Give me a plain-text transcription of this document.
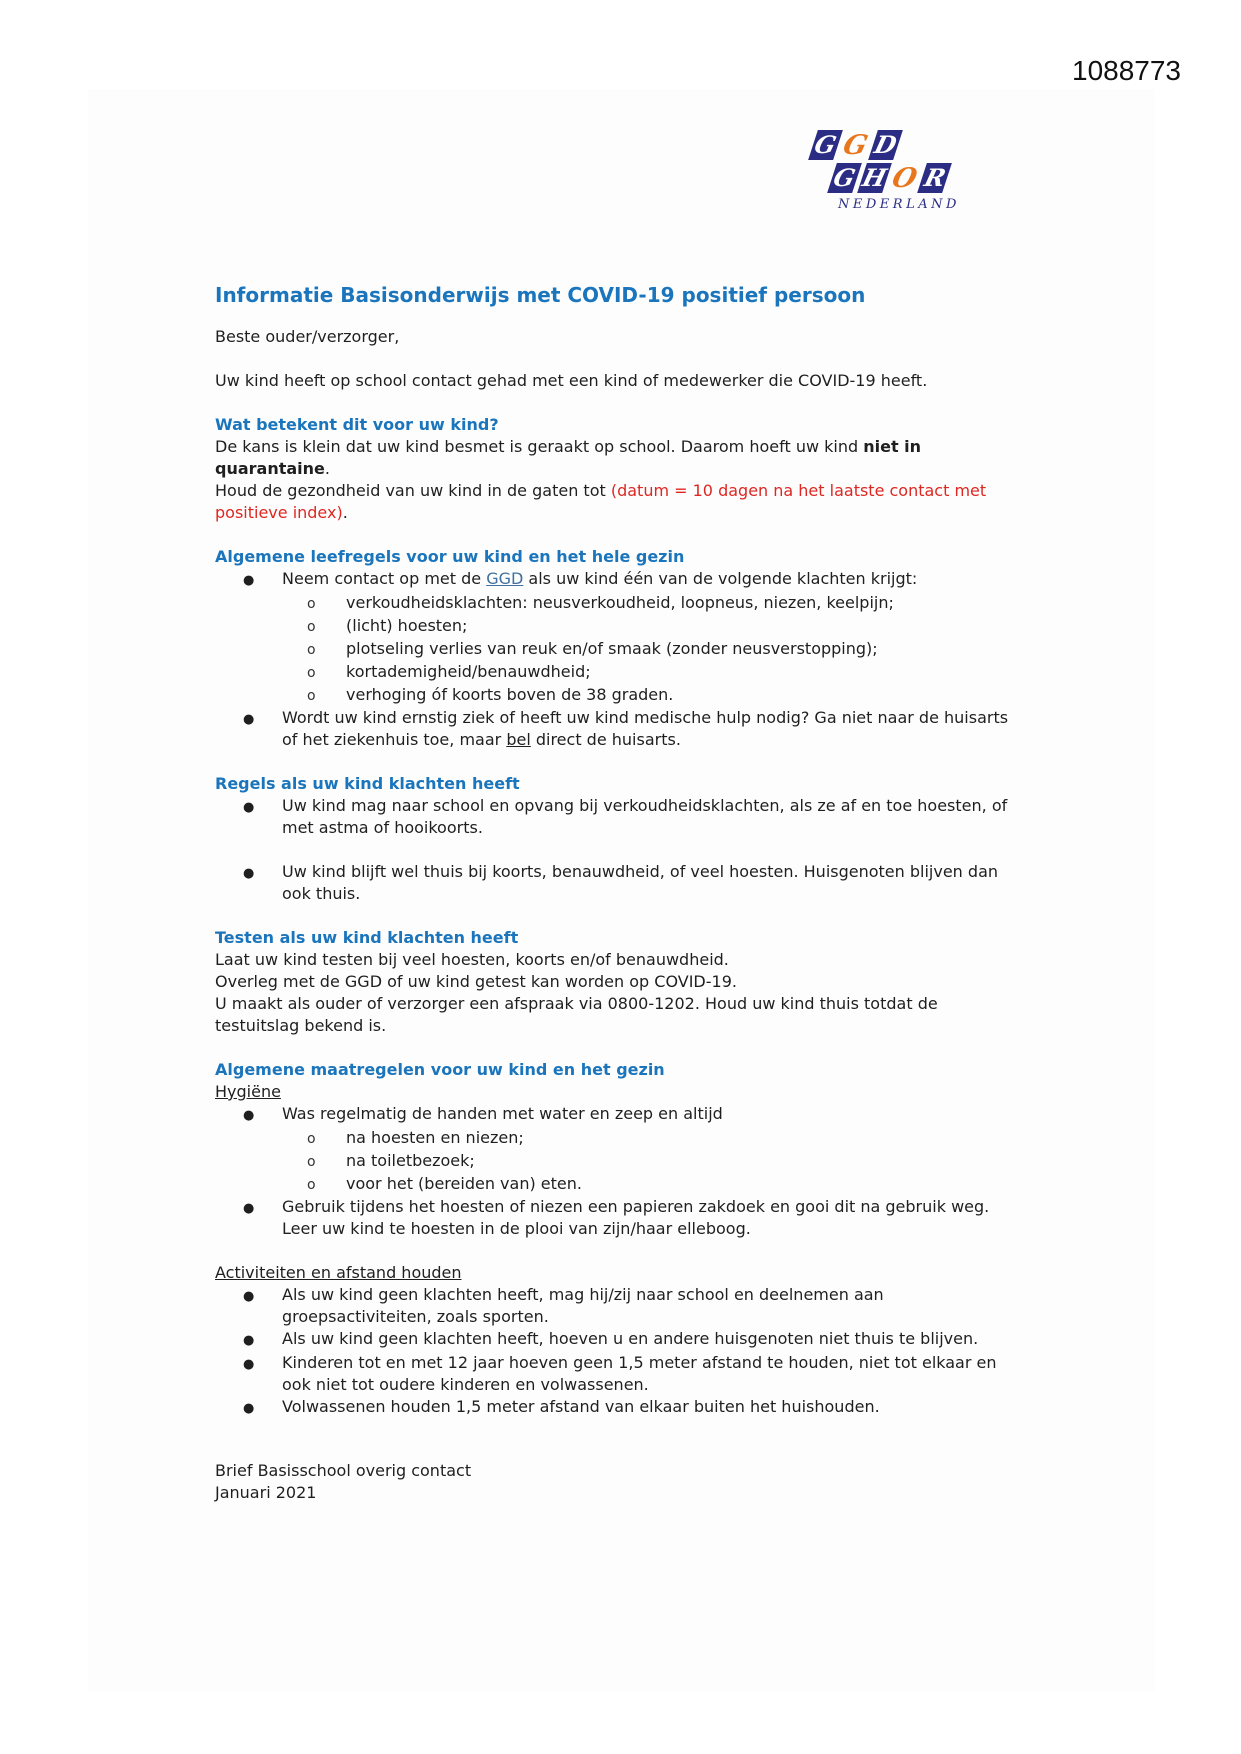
1088773
G G D
G H O R
NEDERLAND
Informatie Basisonderwijs met COVID-19 positief persoon

Beste ouder/verzorger,

Uw kind heeft op school contact gehad met een kind of medewerker die COVID-19 heeft.

Wat betekent dit voor uw kind?

De kans is klein dat uw kind besmet is geraakt op school. Daarom hoeft uw kind niet in quarantaine.

Houd de gezondheid van uw kind in de gaten tot (datum = 10 dagen na het laatste contact met positieve index).

Algemene leefregels voor uw kind en het hele gezin
●	Neem contact op met de GGD als uw kind één van de volgende klachten krijgt:
o	verkoudheidsklachten: neusverkoudheid, loopneus, niezen, keelpijn;
o	(licht) hoesten;
o	plotseling verlies van reuk en/of smaak (zonder neusverstopping);
o	kortademigheid/benauwdheid;
o	verhoging óf koorts boven de 38 graden.
●	Wordt uw kind ernstig ziek of heeft uw kind medische hulp nodig? Ga niet naar de huisarts of het ziekenhuis toe, maar bel direct de huisarts.
Regels als uw kind klachten heeft
●	Uw kind mag naar school en opvang bij verkoudheidsklachten, als ze af en toe hoesten, of met astma of hooikoorts.
●	Uw kind blijft wel thuis bij koorts, benauwdheid, of veel hoesten. Huisgenoten blijven dan ook thuis.
Testen als uw kind klachten heeft

Laat uw kind testen bij veel hoesten, koorts en/of benauwdheid.

Overleg met de GGD of uw kind getest kan worden op COVID-19.

U maakt als ouder of verzorger een afspraak via 0800-1202. Houd uw kind thuis totdat de testuitslag bekend is.

Algemene maatregelen voor uw kind en het gezin
Hygiëne
●	Was regelmatig de handen met water en zeep en altijd
o	na hoesten en niezen;
o	na toiletbezoek;
o	voor het (bereiden van) eten.
●	Gebruik tijdens het hoesten of niezen een papieren zakdoek en gooi dit na gebruik weg. Leer uw kind te hoesten in de plooi van zijn/haar elleboog.
Activiteiten en afstand houden
●	Als uw kind geen klachten heeft, mag hij/zij naar school en deelnemen aan groepsactiviteiten, zoals sporten.
●	Als uw kind geen klachten heeft, hoeven u en andere huisgenoten niet thuis te blijven.
●	Kinderen tot en met 12 jaar hoeven geen 1,5 meter afstand te houden, niet tot elkaar en ook niet tot oudere kinderen en volwassenen.
●	Volwassenen houden 1,5 meter afstand van elkaar buiten het huishouden.

Brief Basisschool overig contact

Januari 2021
